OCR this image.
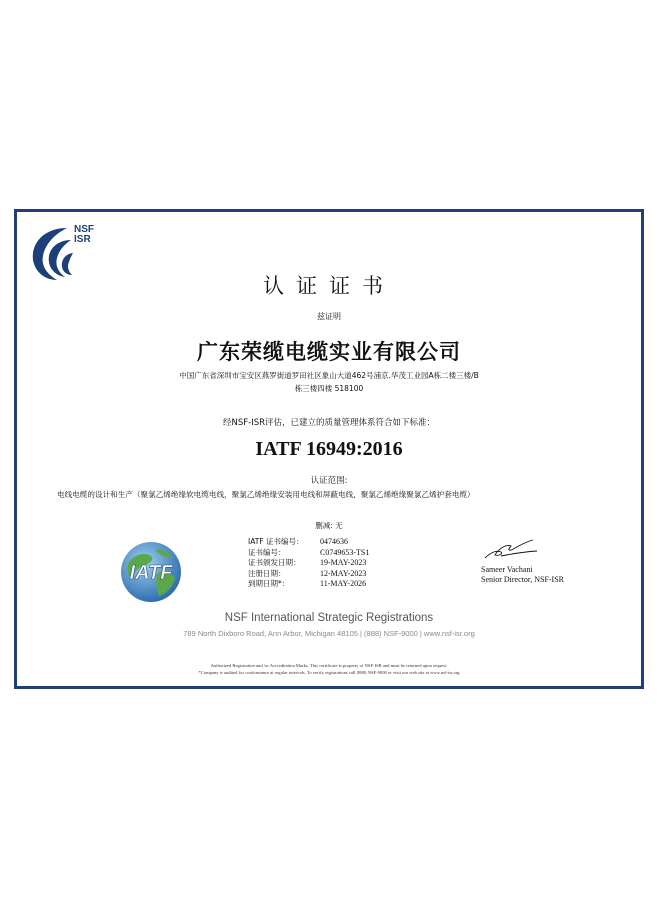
NSF
ISR
认证证书
兹证明
广东荣缆电缆实业有限公司
中国广东省深圳市宝安区燕罗街道罗田社区象山大道462号浦京.华茂工业园A栋二楼三楼/B
栋三楼四楼 518100
经NSF-ISR评估，已建立的质量管理体系符合如下标准：
IATF 16949:2016
认证范围:
电线电缆的设计和生产（聚氯乙烯绝缘软电缆电线，聚氯乙烯绝缘安装用电线和屏蔽电线，聚氯乙烯绝缘聚氯乙烯护套电缆）
删减: 无
IATF
IATF 证书编号：	0474636
证书编号：	C0749653-TS1
证书颁发日期：	19-MAY-2023
注册日期：	12-MAY-2023
到期日期*：	11-MAY-2026
Sameer Vachani
Senior Director, NSF-ISR
NSF International Strategic Registrations
789 North Dixboro Road, Ann Arbor, Michigan 48105 | (888) NSF-9000 | www.nsf-isr.org
Authorized Registration and /or Accreditation Marks. This certificate is property of NSF-ISR and must be returned upon request.
*Company is audited for conformance at regular intervals. To verify registrations call (888) NSF-9000 or visit our web site at www.nsf-isr.org
